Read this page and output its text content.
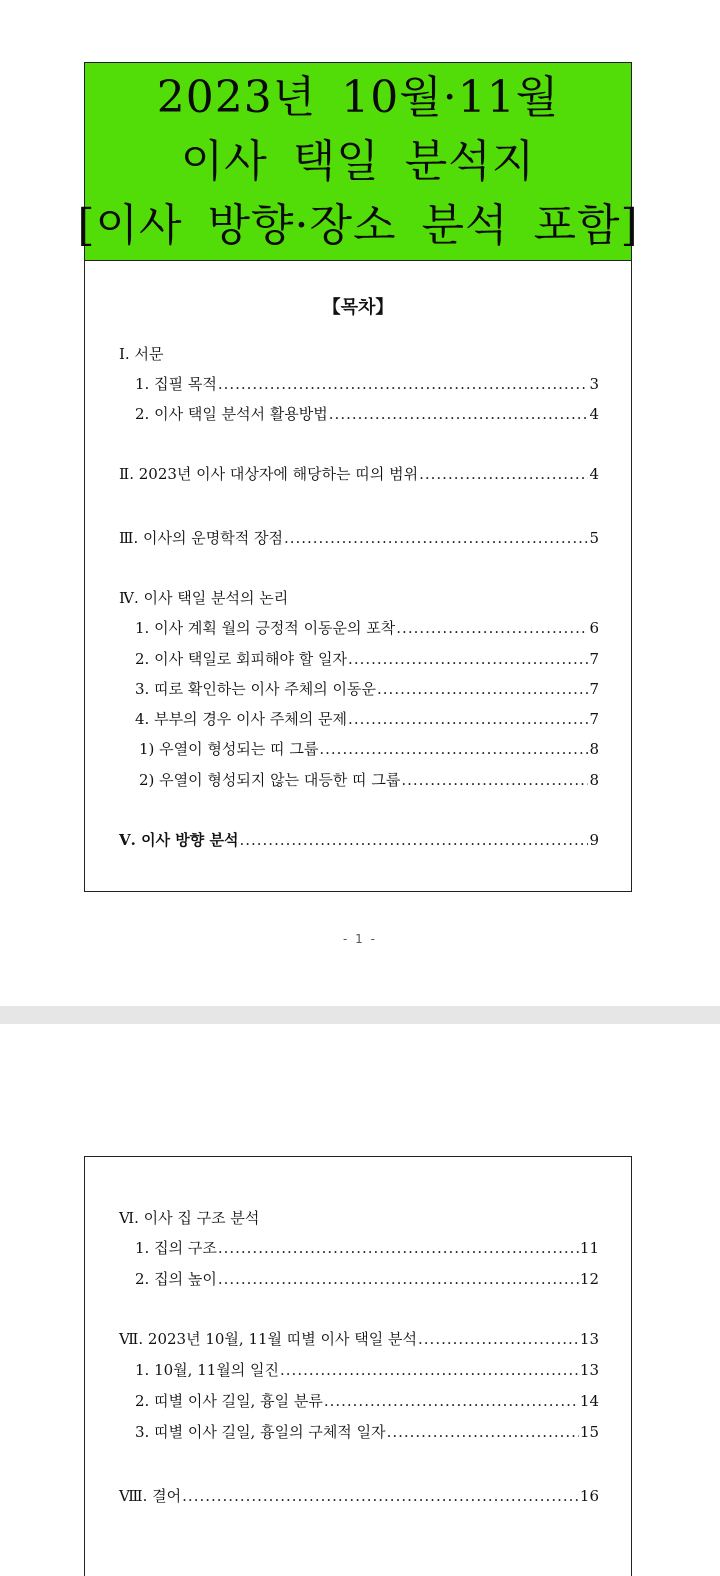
2023년 10월·11월
이사 택일 분석지
[이사 방향·장소 분석 포함]
【목차】
Ⅰ. 서문
1. 집필 목적 .....	3
2. 이사 택일 분석서 활용방법 .....	4
Ⅱ. 2023년 이사 대상자에 해당하는 띠의 범위 .....	4
Ⅲ. 이사의 운명학적 장점 .....	5
Ⅳ. 이사 택일 분석의 논리
1. 이사 계획 월의 긍정적 이동운의 포착 .....	6
2. 이사 택일로 회피해야 할 일자 .....	7
3. 띠로 확인하는 이사 주체의 이동운 .....	7
4. 부부의 경우 이사 주체의 문제 .....	7
1) 우열이 형성되는 띠 그룹 .....	8
2) 우열이 형성되지 않는 대등한 띠 그룹 .....	8
Ⅴ. 이사 방향 분석 .....	9
- 1 -
Ⅵ. 이사 집 구조 분석
1. 집의 구조 .....	11
2. 집의 높이 .....	12
Ⅶ. 2023년 10월, 11월 띠별 이사 택일 분석 .....	13
1. 10월, 11월의 일진 .....	13
2. 띠별 이사 길일, 흉일 분류 .....	14
3. 띠별 이사 길일, 흉일의 구체적 일자 .....	15
Ⅷ. 결어 .....	16
